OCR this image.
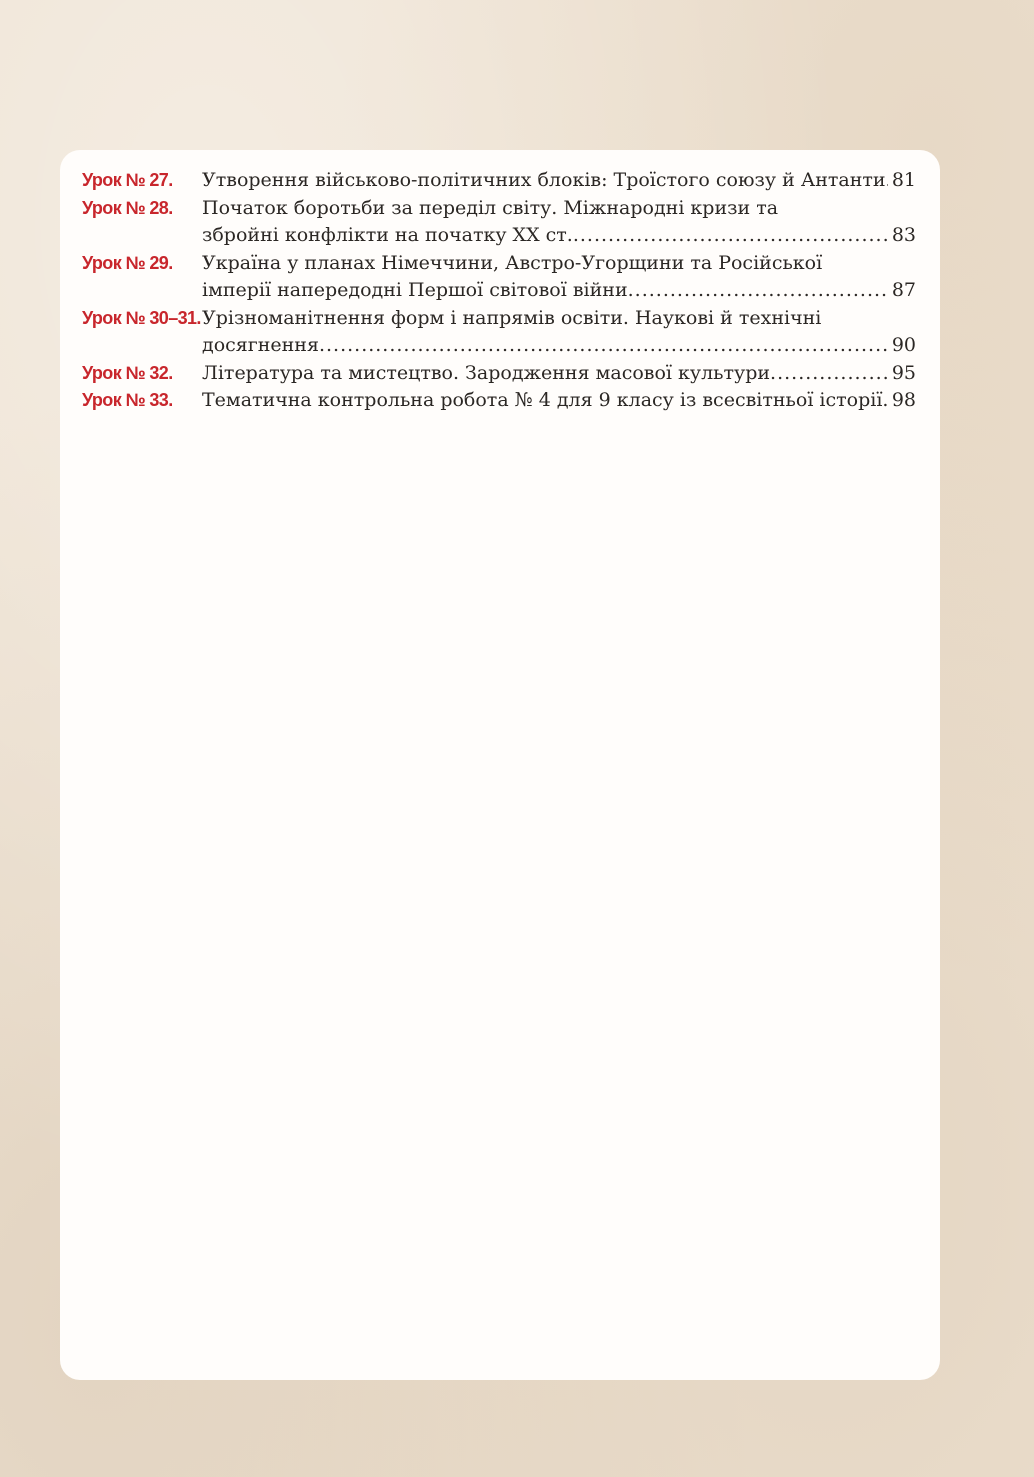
Урок № 27.	Утворення військово-політичних блоків: Троїстого союзу й Антанти ..... 81
Урок № 28.	Початок боротьби за переділ світу. Міжнародні кризи та
збройні конфлікти на початку ХХ ст. .....	83
Урок № 29.	Україна у планах Німеччини, Австро-Угорщини та Російської
імперії напередодні Першої світової війни .....	87
Урок № 30–31. Урізноманітнення форм і напрямів освіти. Наукові й технічні
досягнення .....	90
Урок № 32.	Література та мистецтво. Зародження масової культури .....	95
Урок № 33.	Тематична контрольна робота № 4 для 9 класу із всесвітньої історії ..... 98
